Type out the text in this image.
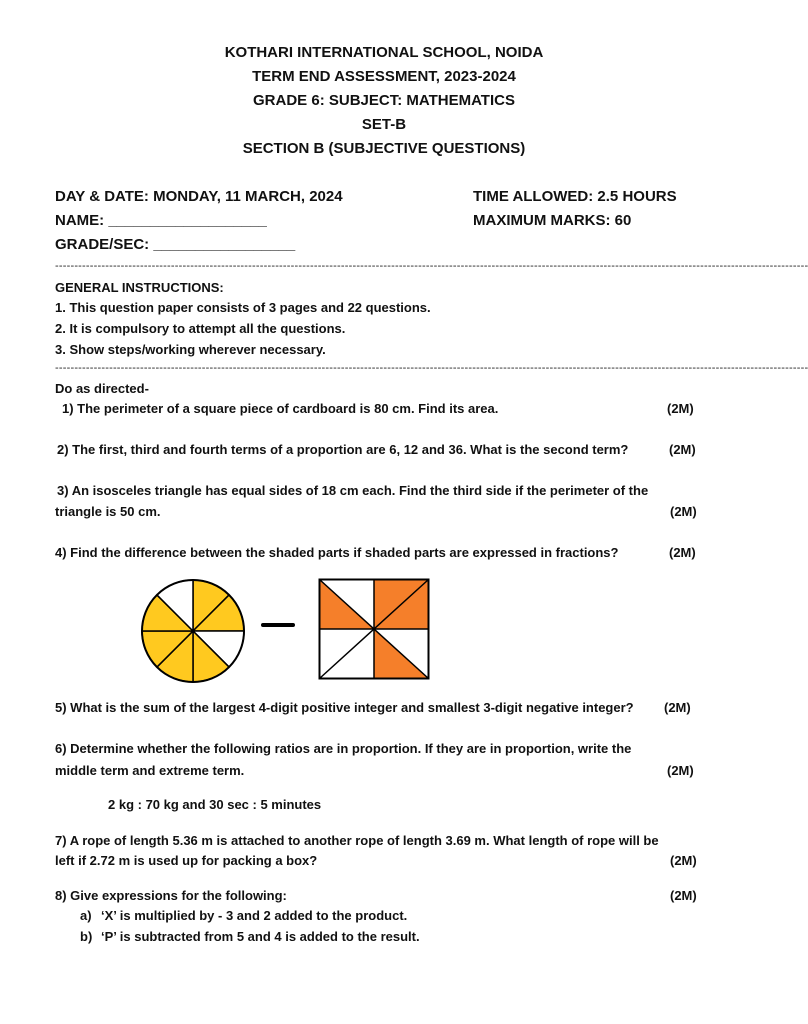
KOTHARI INTERNATIONAL SCHOOL, NOIDA
TERM END ASSESSMENT, 2023-2024
GRADE 6: SUBJECT: MATHEMATICS
SET-B
SECTION B (SUBJECTIVE QUESTIONS)
DAY & DATE: MONDAY, 11 MARCH, 2024	TIME ALLOWED: 2.5 HOURS
NAME: ___________________	MAXIMUM MARKS: 60
GRADE/SEC: _________________
---------------------------------------------------------------------------------------------------------------------------------------------------------------------------------------------------
GENERAL INSTRUCTIONS:
1. This question paper consists of 3 pages and 22 questions.
2. It is compulsory to attempt all the questions.
3. Show steps/working wherever necessary.
---------------------------------------------------------------------------------------------------------------------------------------------------------------------------------------------------
Do as directed-
1) The perimeter of a square piece of cardboard is 80 cm. Find its area.	(2M)
2) The first, third and fourth terms of a proportion are 6, 12 and 36. What is the second term?	(2M)
3) An isosceles triangle has equal sides of 18 cm each. Find the third side if the perimeter of the
triangle is 50 cm.	(2M)
4) Find the difference between the shaded parts if shaded parts are expressed in fractions?	(2M)
5) What is the sum of the largest 4-digit positive integer and smallest 3-digit negative integer? (2M)
6) Determine whether the following ratios are in proportion. If they are in proportion, write the
middle term and extreme term.	(2M)
2 kg : 70 kg and 30 sec : 5 minutes
7) A rope of length 5.36 m is attached to another rope of length 3.69 m. What length of rope will be
left if 2.72 m is used up for packing a box?	(2M)
8) Give expressions for the following:	(2M)
a) ‘X’ is multiplied by - 3 and 2 added to the product.
b) ‘P’ is subtracted from 5 and 4 is added to the result.
